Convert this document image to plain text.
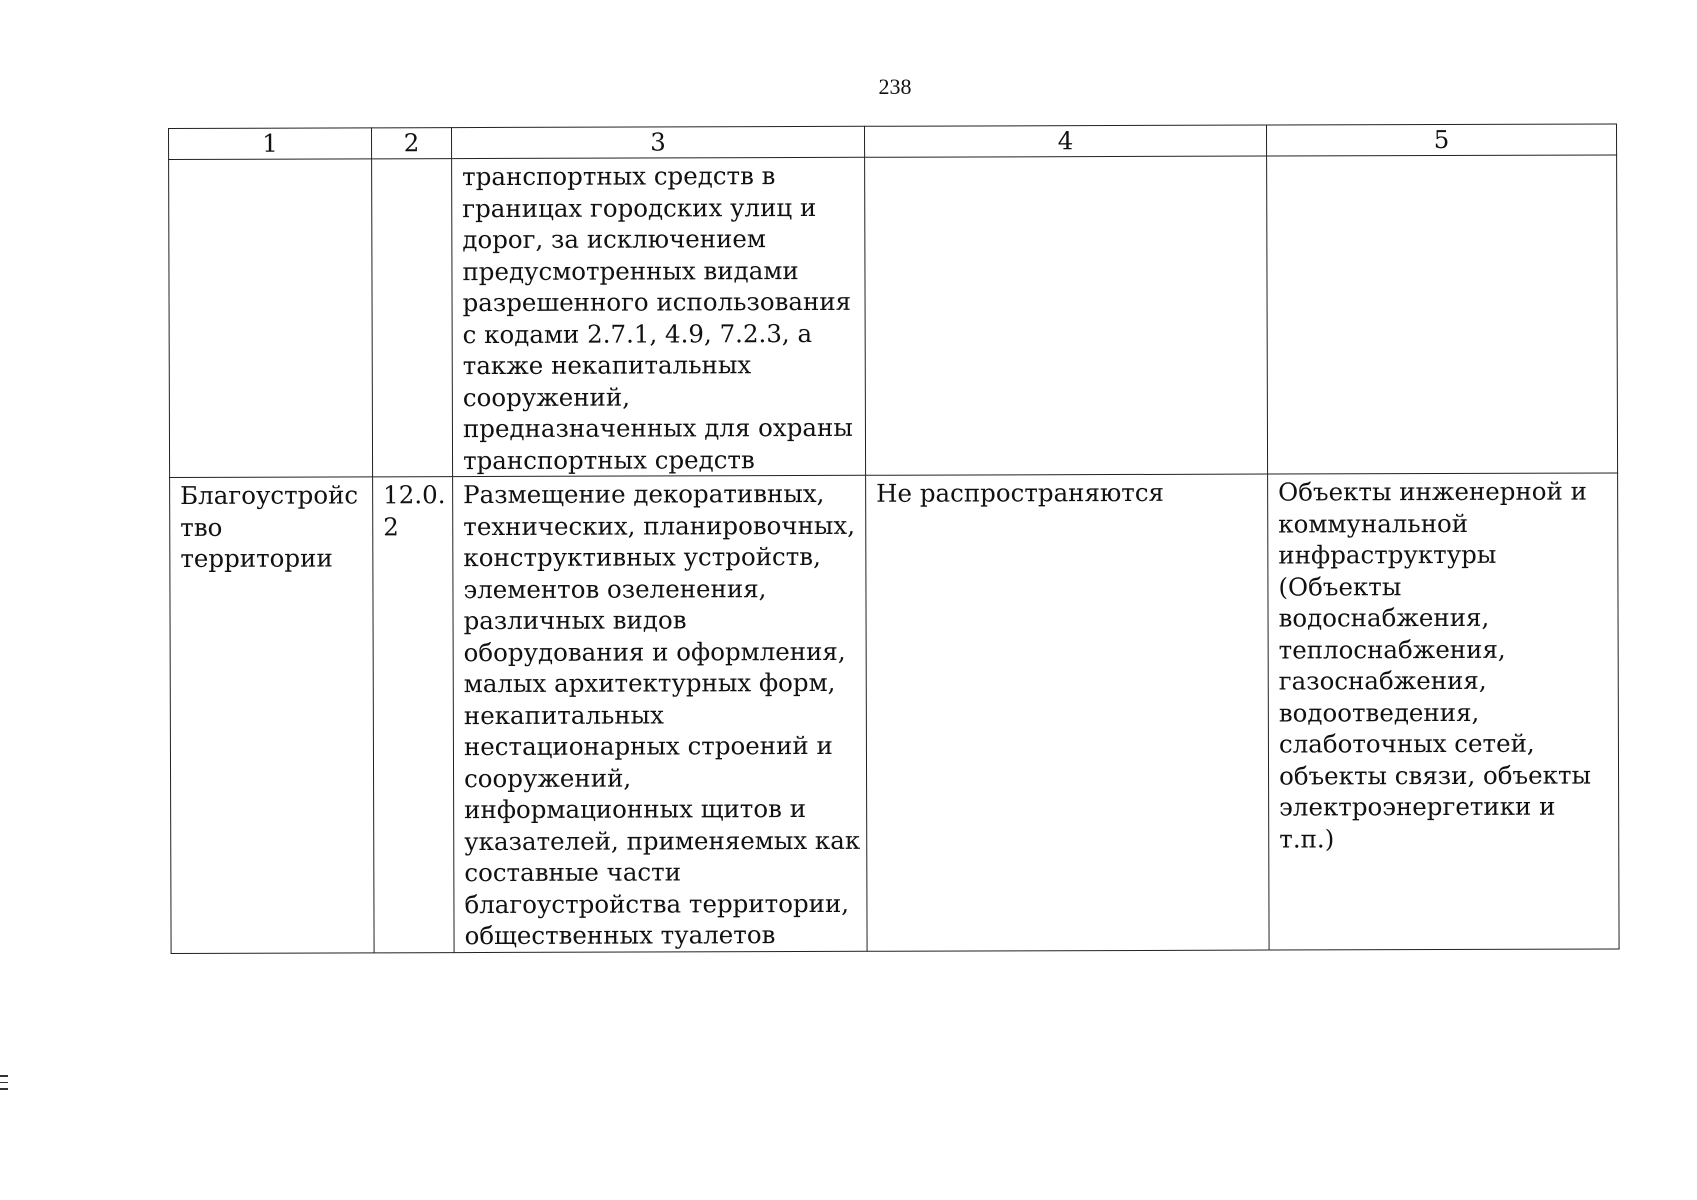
238
1	2	3	4	5
		транспортных средств в границах городских улиц и дорог, за исключением предусмотренных видами разрешенного использования с кодами 2.7.1, 4.9, 7.2.3, а также некапитальных сооружений, предназначенных для охраны транспортных средств		
Благоустройство территории	12.0.2	Размещение декоративных, технических, планировочных, конструктивных устройств, элементов озеленения, различных видов оборудования и оформления, малых архитектурных форм, некапитальных нестационарных строений и сооружений, информационных щитов и указателей, применяемых как составные части благоустройства территории, общественных туалетов	Не распространяются	Объекты инженерной и коммунальной инфраструктуры (Объекты водоснабжения, теплоснабжения, газоснабжения, водоотведения, слаботочных сетей, объекты связи, объекты электроэнергетики и т.п.)
